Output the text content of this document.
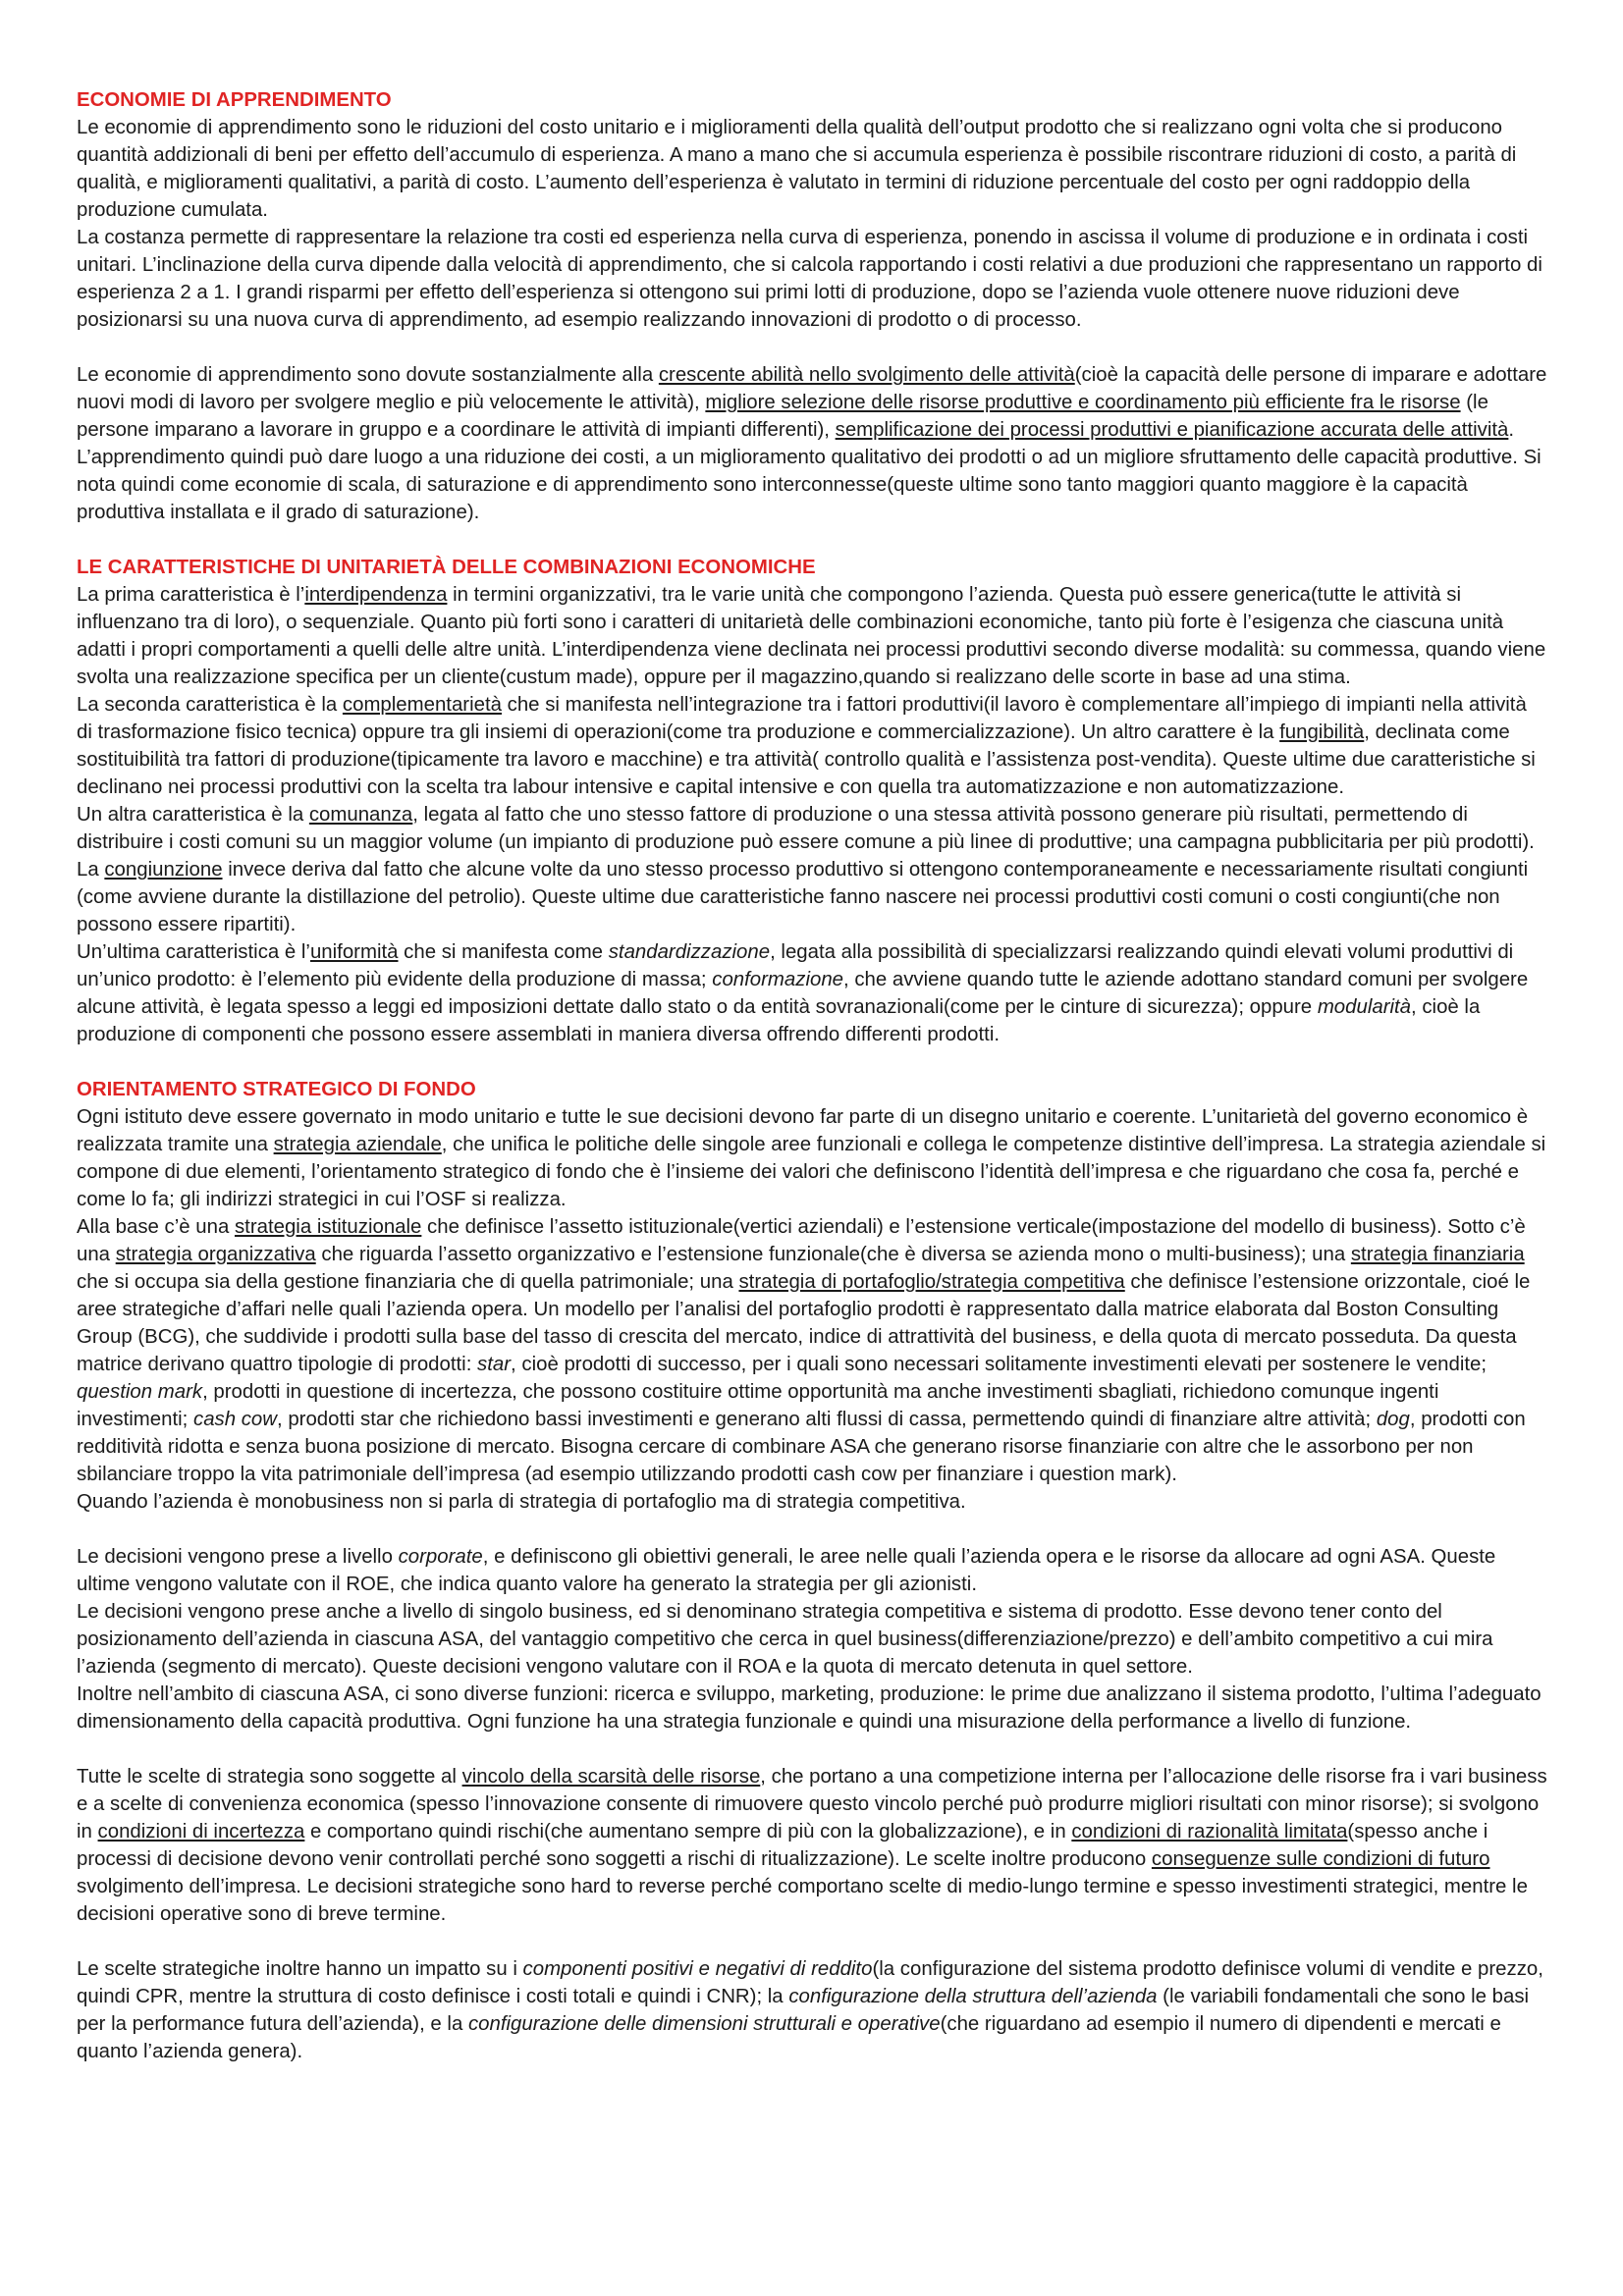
ECONOMIE DI APPRENDIMENTO

Le economie di apprendimento sono le riduzioni del costo unitario e i miglioramenti della qualità dell’output prodotto che si realizzano ogni volta che si producono quantità addizionali di beni per effetto dell’accumulo di esperienza. A mano a mano che si accumula esperienza è possibile riscontrare riduzioni di costo, a parità di qualità, e miglioramenti qualitativi, a parità di costo. L’aumento dell’esperienza è valutato in termini di riduzione percentuale del costo per ogni raddoppio della produzione cumulata.

La costanza permette di rappresentare la relazione tra costi ed esperienza nella curva di esperienza, ponendo in ascissa il volume di produzione e in ordinata i costi unitari. L’inclinazione della curva dipende dalla velocità di apprendimento, che si calcola rapportando i costi relativi a due produzioni che rappresentano un rapporto di esperienza 2 a 1. I grandi risparmi per effetto dell’esperienza si ottengono sui primi lotti di produzione, dopo se l’azienda vuole ottenere nuove riduzioni deve posizionarsi su una nuova curva di apprendimento, ad esempio realizzando innovazioni di prodotto o di processo.

Le economie di apprendimento sono dovute sostanzialmente alla crescente abilità nello svolgimento delle attività(cioè la capacità delle persone di imparare e adottare nuovi modi di lavoro per svolgere meglio e più velocemente le attività), migliore selezione delle risorse produttive e coordinamento più efficiente fra le risorse (le persone imparano a lavorare in gruppo e a coordinare le attività di impianti differenti), semplificazione dei processi produttivi e pianificazione accurata delle attività.

L’apprendimento quindi può dare luogo a una riduzione dei costi, a un miglioramento qualitativo dei prodotti o ad un migliore sfruttamento delle capacità produttive. Si nota quindi come economie di scala, di saturazione e di apprendimento sono interconnesse(queste ultime sono tanto maggiori quanto maggiore è la capacità produttiva installata e il grado di saturazione).

LE CARATTERISTICHE DI UNITARIETÀ DELLE COMBINAZIONI ECONOMICHE

La prima caratteristica è l’interdipendenza in termini organizzativi, tra le varie unità che compongono l’azienda. Questa può essere generica(tutte le attività si influenzano tra di loro), o sequenziale. Quanto più forti sono i caratteri di unitarietà delle combinazioni economiche, tanto più forte è l’esigenza che ciascuna unità adatti i propri comportamenti a quelli delle altre unità. L’interdipendenza viene declinata nei processi produttivi secondo diverse modalità: su commessa, quando viene svolta una realizzazione specifica per un cliente(custum made), oppure per il magazzino,quando si realizzano delle scorte in base ad una stima.

La seconda caratteristica è la complementarietà che si manifesta nell’integrazione tra i fattori produttivi(il lavoro è complementare all’impiego di impianti nella attività di trasformazione fisico tecnica) oppure tra gli insiemi di operazioni(come tra produzione e commercializzazione). Un altro carattere è la fungibilità, declinata come sostituibilità tra fattori di produzione(tipicamente tra lavoro e macchine) e tra attività( controllo qualità e l’assistenza post-vendita). Queste ultime due caratteristiche si declinano nei processi produttivi con la scelta tra labour intensive e capital intensive e con quella tra automatizzazione e non automatizzazione.

Un altra caratteristica è la comunanza, legata al fatto che uno stesso fattore di produzione o una stessa attività possono generare più risultati, permettendo di distribuire i costi comuni su un maggior volume (un impianto di produzione può essere comune a più linee di produttive; una campagna pubblicitaria per più prodotti). La congiunzione invece deriva dal fatto che alcune volte da uno stesso processo produttivo si ottengono contemporaneamente e necessariamente risultati congiunti (come avviene durante la distillazione del petrolio). Queste ultime due caratteristiche fanno nascere nei processi produttivi costi comuni o costi congiunti(che non possono essere ripartiti).

Un’ultima caratteristica è l’uniformità che si manifesta come standardizzazione, legata alla possibilità di specializzarsi realizzando quindi elevati volumi produttivi di un’unico prodotto: è l’elemento più evidente della produzione di massa; conformazione, che avviene quando tutte le aziende adottano standard comuni per svolgere alcune attività, è legata spesso a leggi ed imposizioni dettate dallo stato o da entità sovranazionali(come per le cinture di sicurezza); oppure modularità, cioè la produzione di componenti che possono essere assemblati in maniera diversa offrendo differenti prodotti.

ORIENTAMENTO STRATEGICO DI FONDO

Ogni istituto deve essere governato in modo unitario e tutte le sue decisioni devono far parte di un disegno unitario e coerente. L’unitarietà del governo economico è realizzata tramite una strategia aziendale, che unifica le politiche delle singole aree funzionali e collega le competenze distintive dell’impresa. La strategia aziendale si compone di due elementi, l’orientamento strategico di fondo che è l’insieme dei valori che definiscono l’identità dell’impresa e che riguardano che cosa fa, perché e come lo fa; gli indirizzi strategici in cui l’OSF si realizza.

Alla base c’è una strategia istituzionale che definisce l’assetto istituzionale(vertici aziendali) e l’estensione verticale(impostazione del modello di business). Sotto c’è una strategia organizzativa che riguarda l’assetto organizzativo e l’estensione funzionale(che è diversa se azienda mono o multi-business); una strategia finanziaria che si occupa sia della gestione finanziaria che di quella patrimoniale; una strategia di portafoglio/strategia competitiva che definisce l’estensione orizzontale, cioé le aree strategiche d’affari nelle quali l’azienda opera. Un modello per l’analisi del portafoglio prodotti è rappresentato dalla matrice elaborata dal Boston Consulting Group (BCG), che suddivide i prodotti sulla base del tasso di crescita del mercato, indice di attrattività del business, e della quota di mercato posseduta. Da questa matrice derivano quattro tipologie di prodotti: star, cioè prodotti di successo, per i quali sono necessari solitamente investimenti elevati per sostenere le vendite; question mark, prodotti in questione di incertezza, che possono costituire ottime opportunità ma anche investimenti sbagliati, richiedono comunque ingenti investimenti; cash cow, prodotti star che richiedono bassi investimenti e generano alti flussi di cassa, permettendo quindi di finanziare altre attività; dog, prodotti con redditività ridotta e senza buona posizione di mercato. Bisogna cercare di combinare ASA che generano risorse finanziarie con altre che le assorbono per non sbilanciare troppo la vita patrimoniale dell’impresa (ad esempio utilizzando prodotti cash cow per finanziare i question mark).

Quando l’azienda è monobusiness non si parla di strategia di portafoglio ma di strategia competitiva.

Le decisioni vengono prese a livello corporate, e definiscono gli obiettivi generali, le aree nelle quali l’azienda opera e le risorse da allocare ad ogni ASA. Queste ultime vengono valutate con il ROE, che indica quanto valore ha generato la strategia per gli azionisti.

Le decisioni vengono prese anche a livello di singolo business, ed si denominano strategia competitiva e sistema di prodotto. Esse devono tener conto del posizionamento dell’azienda in ciascuna ASA, del vantaggio competitivo che cerca in quel business(differenziazione/prezzo) e dell’ambito competitivo a cui mira l’azienda (segmento di mercato). Queste decisioni vengono valutare con il ROA e la quota di mercato detenuta in quel settore.

Inoltre nell’ambito di ciascuna ASA, ci sono diverse funzioni: ricerca e sviluppo, marketing, produzione: le prime due analizzano il sistema prodotto, l’ultima l’adeguato dimensionamento della capacità produttiva. Ogni funzione ha una strategia funzionale e quindi una misurazione della performance a livello di funzione.

Tutte le scelte di strategia sono soggette al vincolo della scarsità delle risorse, che portano a una competizione interna per l’allocazione delle risorse fra i vari business e a scelte di convenienza economica (spesso l’innovazione consente di rimuovere questo vincolo perché può produrre migliori risultati con minor risorse); si svolgono in condizioni di incertezza e comportano quindi rischi(che aumentano sempre di più con la globalizzazione), e in condizioni di razionalità limitata(spesso anche i processi di decisione devono venir controllati perché sono soggetti a rischi di ritualizzazione). Le scelte inoltre producono conseguenze sulle condizioni di futuro svolgimento dell’impresa. Le decisioni strategiche sono hard to reverse perché comportano scelte di medio-lungo termine e spesso investimenti strategici, mentre le decisioni operative sono di breve termine.

Le scelte strategiche inoltre hanno un impatto su i componenti positivi e negativi di reddito(la configurazione del sistema prodotto definisce volumi di vendite e prezzo, quindi CPR, mentre la struttura di costo definisce i costi totali e quindi i CNR); la configurazione della struttura dell’azienda (le variabili fondamentali che sono le basi per la performance futura dell’azienda), e la configurazione delle dimensioni strutturali e operative(che riguardano ad esempio il numero di dipendenti e mercati e quanto l’azienda genera).
